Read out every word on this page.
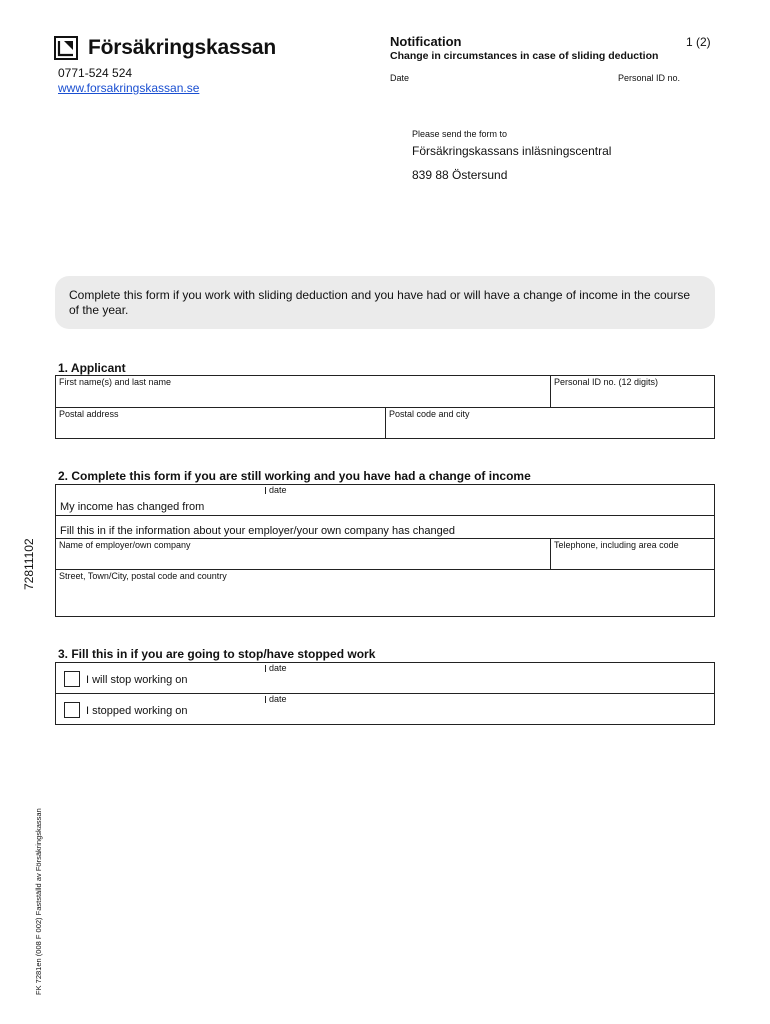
Försäkringskassan
0771-524 524
www.forsakringskassan.se
Notification	1 (2)
Change in circumstances in case of sliding deduction
Date	Personal ID no.
Please send the form to
Försäkringskassans inläsningscentral
839 88 Östersund
Complete this form if you work with sliding deduction and you have had or will have a change of income in the course of the year.
1. Applicant
First name(s) and last name	Personal ID no. (12 digits)
Postal address	Postal code and city
2. Complete this form if you are still working and you have had a change of income
date
My income has changed from
Fill this in if the information about your employer/your own company has changed
Name of employer/own company	Telephone, including area code
Street, Town/City, postal code and country
3. Fill this in if you are going to stop/have stopped work
I will stop working on
date
I stopped working on
date
72811102
FK 7281en (008 F 002) Fastställd av Försäkringskassan
